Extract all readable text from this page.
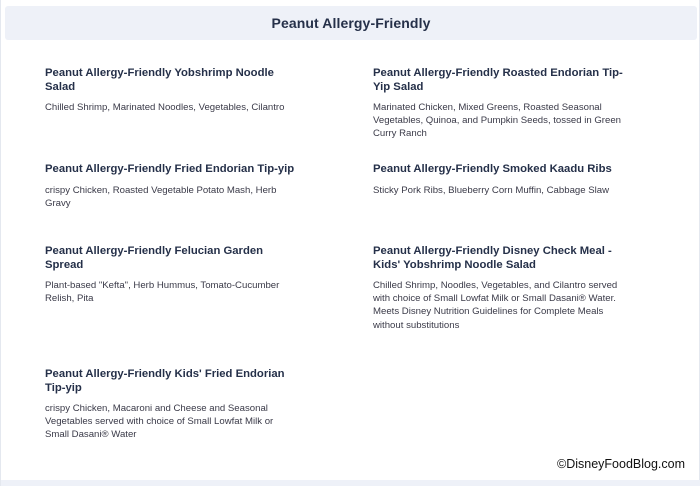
Peanut Allergy-Friendly

Peanut Allergy-Friendly Yobshrimp Noodle Salad

Chilled Shrimp, Marinated Noodles, Vegetables, Cilantro

Peanut Allergy-Friendly Fried Endorian Tip-yip

crispy Chicken, Roasted Vegetable Potato Mash, Herb Gravy

Peanut Allergy-Friendly Felucian Garden Spread

Plant-based "Kefta", Herb Hummus, Tomato-Cucumber Relish, Pita

Peanut Allergy-Friendly Kids' Fried Endorian Tip-yip

crispy Chicken, Macaroni and Cheese and Seasonal Vegetables served with choice of Small Lowfat Milk or Small Dasani® Water

Peanut Allergy-Friendly Roasted Endorian Tip-Yip Salad

Marinated Chicken, Mixed Greens, Roasted Seasonal Vegetables, Quinoa, and Pumpkin Seeds, tossed in Green Curry Ranch

Peanut Allergy-Friendly Smoked Kaadu Ribs

Sticky Pork Ribs, Blueberry Corn Muffin, Cabbage Slaw

Peanut Allergy-Friendly Disney Check Meal - Kids' Yobshrimp Noodle Salad

Chilled Shrimp, Noodles, Vegetables, and Cilantro served with choice of Small Lowfat Milk or Small Dasani® Water. Meets Disney Nutrition Guidelines for Complete Meals without substitutions

©DisneyFoodBlog.com
